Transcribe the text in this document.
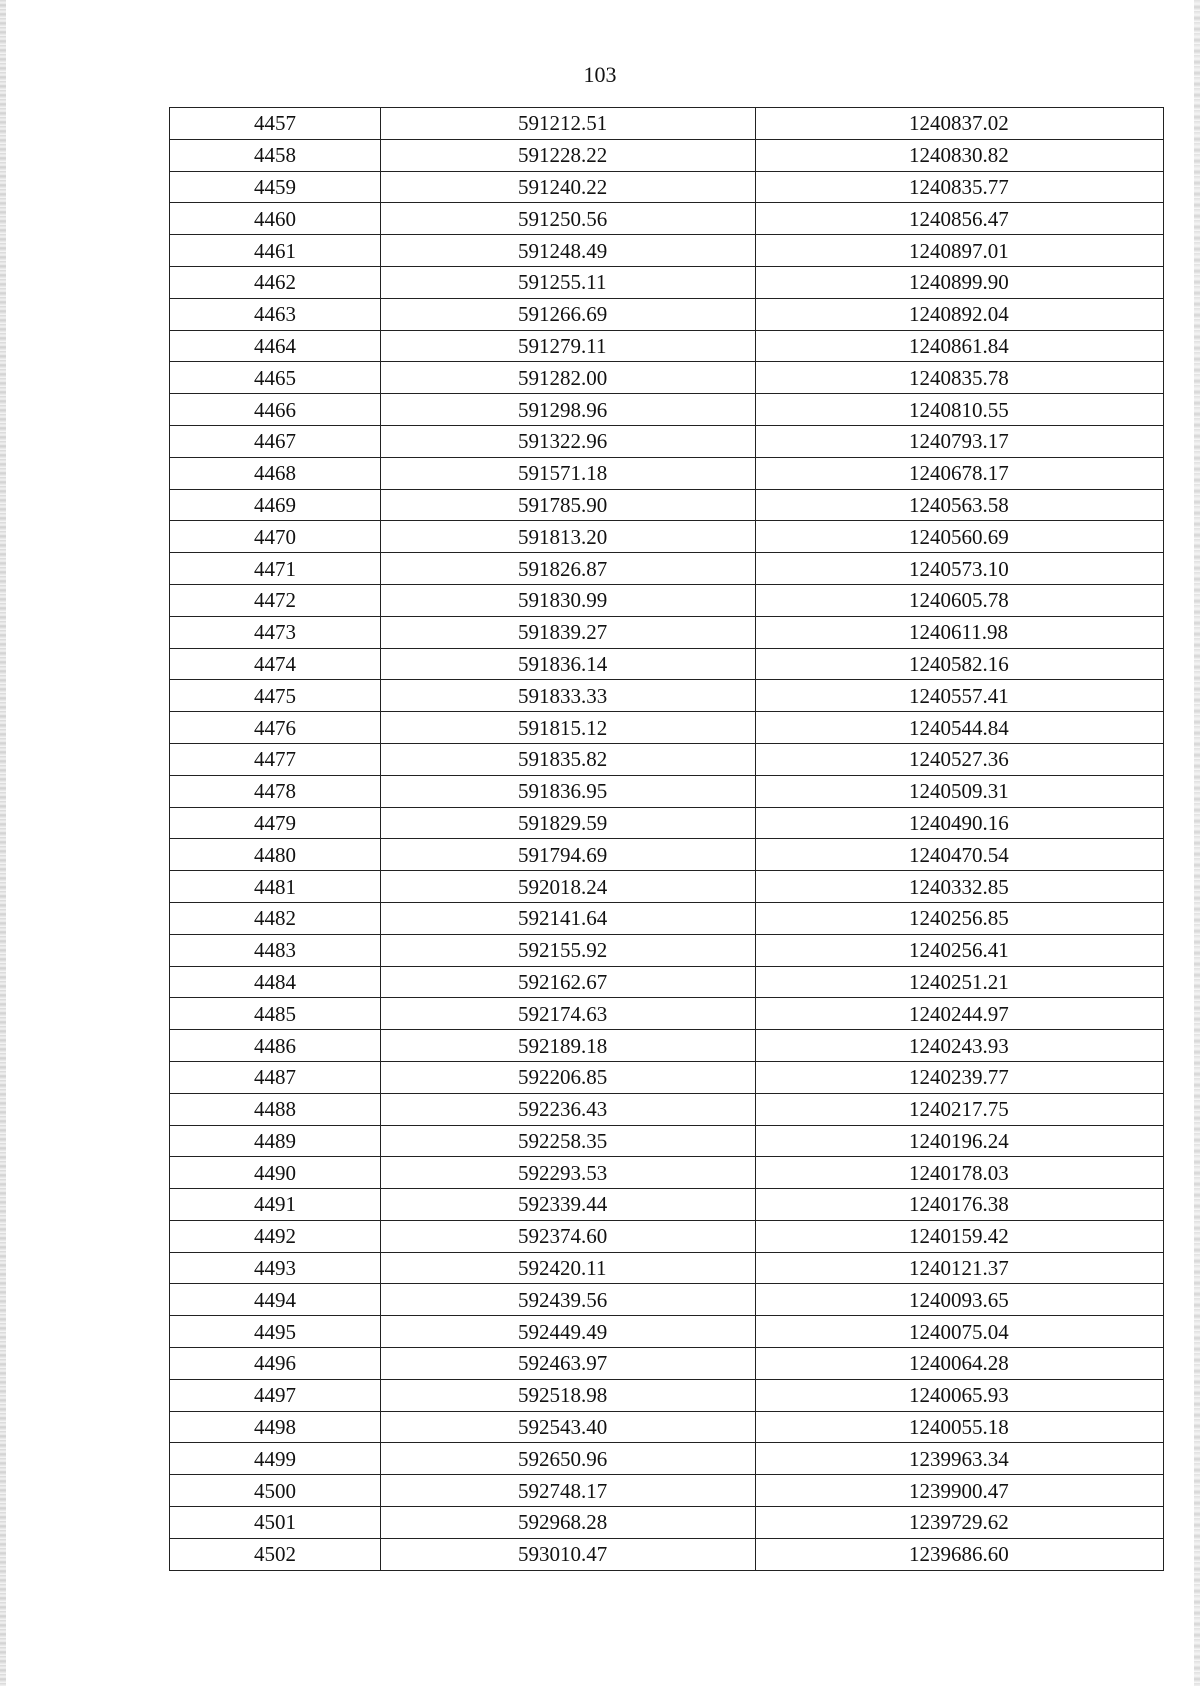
103
4457	591212.51	1240837.02
4458	591228.22	1240830.82
4459	591240.22	1240835.77
4460	591250.56	1240856.47
4461	591248.49	1240897.01
4462	591255.11	1240899.90
4463	591266.69	1240892.04
4464	591279.11	1240861.84
4465	591282.00	1240835.78
4466	591298.96	1240810.55
4467	591322.96	1240793.17
4468	591571.18	1240678.17
4469	591785.90	1240563.58
4470	591813.20	1240560.69
4471	591826.87	1240573.10
4472	591830.99	1240605.78
4473	591839.27	1240611.98
4474	591836.14	1240582.16
4475	591833.33	1240557.41
4476	591815.12	1240544.84
4477	591835.82	1240527.36
4478	591836.95	1240509.31
4479	591829.59	1240490.16
4480	591794.69	1240470.54
4481	592018.24	1240332.85
4482	592141.64	1240256.85
4483	592155.92	1240256.41
4484	592162.67	1240251.21
4485	592174.63	1240244.97
4486	592189.18	1240243.93
4487	592206.85	1240239.77
4488	592236.43	1240217.75
4489	592258.35	1240196.24
4490	592293.53	1240178.03
4491	592339.44	1240176.38
4492	592374.60	1240159.42
4493	592420.11	1240121.37
4494	592439.56	1240093.65
4495	592449.49	1240075.04
4496	592463.97	1240064.28
4497	592518.98	1240065.93
4498	592543.40	1240055.18
4499	592650.96	1239963.34
4500	592748.17	1239900.47
4501	592968.28	1239729.62
4502	593010.47	1239686.60
